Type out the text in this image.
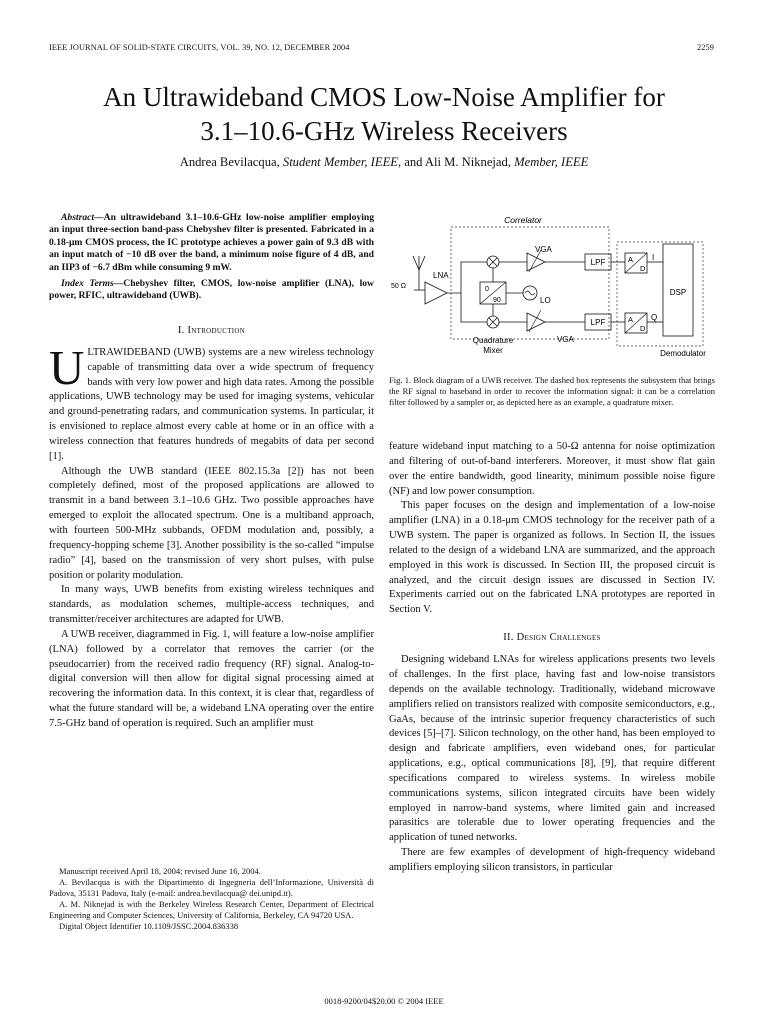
IEEE JOURNAL OF SOLID-STATE CIRCUITS, VOL. 39, NO. 12, DECEMBER 2004	2259
An Ultrawideband CMOS Low-Noise Amplifier for
3.1–10.6-GHz Wireless Receivers
Andrea Bevilacqua, Student Member, IEEE, and Ali M. Niknejad, Member, IEEE

Abstract—An ultrawideband 3.1–10.6-GHz low-noise amplifier employing an input three-section band-pass Chebyshev filter is presented. Fabricated in a 0.18-μm CMOS process, the IC prototype achieves a power gain of 9.3 dB with an input match of −10 dB over the band, a minimum noise figure of 4 dB, and an IIP3 of −6.7 dBm while consuming 9 mW.

Index Terms—Chebyshev filter, CMOS, low-noise amplifier (LNA), low power, RFIC, ultrawideband (UWB).

I. Introduction

ULTRAWIDEBAND (UWB) systems are a new wireless technology capable of transmitting data over a wide spectrum of frequency bands with very low power and high data rates. Among the possible applications, UWB technology may be used for imaging systems, vehicular and ground-penetrating radars, and communication systems. In particular, it is envisioned to replace almost every cable at home or in an office with a wireless connection that features hundreds of megabits of data per second [1].

Although the UWB standard (IEEE 802.15.3a [2]) has not been completely defined, most of the proposed applications are allowed to transmit in a band between 3.1–10.6 GHz. Two possible approaches have emerged to exploit the allocated spectrum. One is a multiband approach, with fourteen 500-MHz subbands, OFDM modulation and, possibly, a frequency-hopping scheme [3]. Another possibility is the so-called “impulse radio” [4], based on the transmission of very short pulses, with pulse position or polarity modulation.

In many ways, UWB benefits from existing wireless techniques and standards, as modulation schemes, multiple-access techniques, and transmitter/receiver architectures are adapted for UWB.

A UWB receiver, diagrammed in Fig. 1, will feature a low-noise amplifier (LNA) followed by a correlator that removes the carrier (or the pseudocarrier) from the received radio frequency (RF) signal. Analog-to-digital conversion will then allow for digital signal processing aimed at recovering the information data. In this context, it is clear that, regardless of what the future standard will be, a wideband LNA operating over the entire 7.5-GHz band of operation is required. Such an amplifier must

Manuscript received April 18, 2004; revised June 16, 2004.

A. Bevilacqua is with the Dipartimento di Ingegneria dell’Informazione, Università di Padova, 35131 Padova, Italy (e-mail: andrea.bevilacqua@ dei.unipd.it).

A. M. Niknejad is with the Berkeley Wireless Research Center, Department of Electrical Engineering and Computer Sciences, University of California, Berkeley, CA 94720 USA.

Digital Object Identifier 10.1109/JSSC.2004.836338

Correlator
50 Ω
LNA
0
90	LO
VGA
VGA
LPF
LPF
A
D
A
D
I
Q
DSP
Quadrature
Mixer	Demodulator

Fig. 1. Block diagram of a UWB receiver. The dashed box represents the subsystem that brings the RF signal to baseband in order to recover the information signal: it can be a correlation filter followed by a sampler or, as depicted here as an example, a quadrature mixer.

feature wideband input matching to a 50-Ω antenna for noise optimization and filtering of out-of-band interferers. Moreover, it must show flat gain over the entire bandwidth, good linearity, minimum possible noise figure (NF) and low power consumption.

This paper focuses on the design and implementation of a low-noise amplifier (LNA) in a 0.18-μm CMOS technology for the receiver path of a UWB system. The paper is organized as follows. In Section II, the issues related to the design of a wideband LNA are summarized, and the approach employed in this work is discussed. In Section III, the proposed circuit is analyzed, and the circuit design issues are discussed in Section IV. Experiments carried out on the fabricated LNA prototypes are reported in Section V.

II. Design Challenges

Designing wideband LNAs for wireless applications presents two levels of challenges. In the first place, having fast and low-noise transistors depends on the available technology. Traditionally, wideband microwave amplifiers relied on transistors realized with composite semiconductors, e.g., GaAs, because of the intrinsic superior frequency characteristics of such devices [5]–[7]. Silicon technology, on the other hand, has been employed to design and fabricate amplifiers, even wideband ones, for particular applications, e.g., optical communications [8], [9], that require different specifications compared to wireless systems. In wireless mobile communications systems, silicon integrated circuits have been widely employed in narrow-band systems, where limited gain and increased parasitics are tolerable due to lower operating frequencies and the application of tuned networks.

There are few examples of development of high-frequency wideband amplifiers employing silicon transistors, in particular

0018-9200/04$20.00 © 2004 IEEE
